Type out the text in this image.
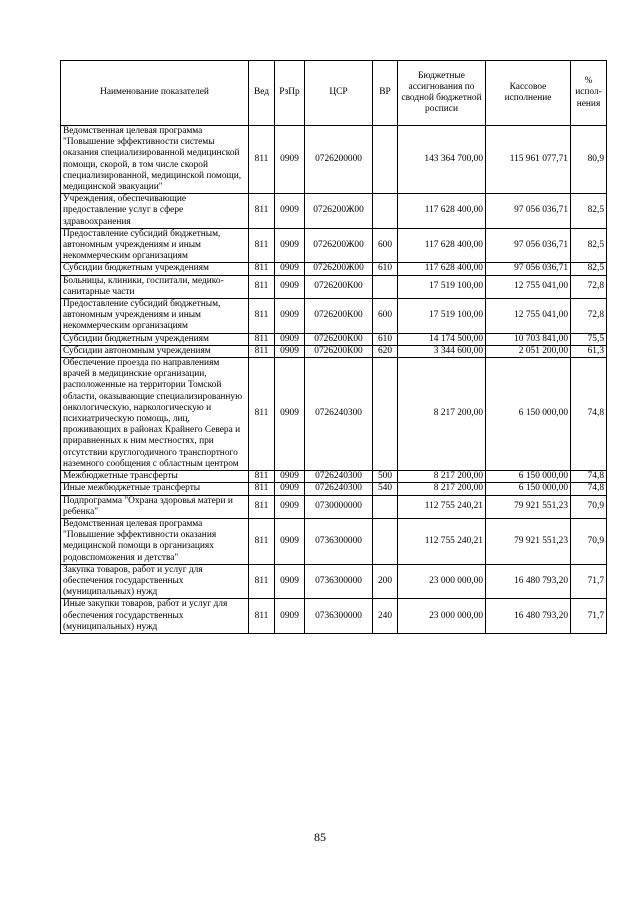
Наименование показателей	Вед	РзПр	ЦСР	ВР	Бюджетные ассигнования по сводной бюджетной росписи	Кассовое исполнение	% испол-нения
Ведомственная целевая программа "Повышение эффективности системы оказания специализированной медицинской помощи, скорой, в том числе скорой специализированной, медицинской помощи, медицинской эвакуации"	811	0909	0726200000		143 364 700,00	115 961 077,71	80,9
Учреждения, обеспечивающие предоставление услуг в сфере здравоохранения	811	0909	0726200Ж00		117 628 400,00	97 056 036,71	82,5
Предоставление субсидий бюджетным, автономным учреждениям и иным некоммерческим организациям	811	0909	0726200Ж00	600	117 628 400,00	97 056 036,71	82,5
Субсидии бюджетным учреждениям	811	0909	0726200Ж00	610	117 628 400,00	97 056 036,71	82,5
Больницы, клиники, госпитали, медико-санитарные части	811	0909	0726200К00		17 519 100,00	12 755 041,00	72,8
Предоставление субсидий бюджетным, автономным учреждениям и иным некоммерческим организациям	811	0909	0726200К00	600	17 519 100,00	12 755 041,00	72,8
Субсидии бюджетным учреждениям	811	0909	0726200К00	610	14 174 500,00	10 703 841,00	75,5
Субсидии автономным учреждениям	811	0909	0726200К00	620	3 344 600,00	2 051 200,00	61,3
Обеспечение проезда по направлениям врачей в медицинские организации, расположенные на территории Томской области, оказывающие специализированную онкологическую, наркологическую и психиатрическую помощь, лиц, проживающих в районах Крайнего Севера и приравненных к ним местностях, при отсутствии круглогодичного транспортного наземного сообщения с областным центром	811	0909	0726240300		8 217 200,00	6 150 000,00	74,8
Межбюджетные трансферты	811	0909	0726240300	500	8 217 200,00	6 150 000,00	74,8
Иные межбюджетные трансферты	811	0909	0726240300	540	8 217 200,00	6 150 000,00	74,8
Подпрограмма "Охрана здоровья матери и ребенка"	811	0909	0730000000		112 755 240,21	79 921 551,23	70,9
Ведомственная целевая программа "Повышение эффективности оказания медицинской помощи в организациях родовспоможения и детства"	811	0909	0736300000		112 755 240,21	79 921 551,23	70,9
Закупка товаров, работ и услуг для обеспечения государственных (муниципальных) нужд	811	0909	0736300000	200	23 000 000,00	16 480 793,20	71,7
Иные закупки товаров, работ и услуг для обеспечения государственных (муниципальных) нужд	811	0909	0736300000	240	23 000 000,00	16 480 793,20	71,7
85
